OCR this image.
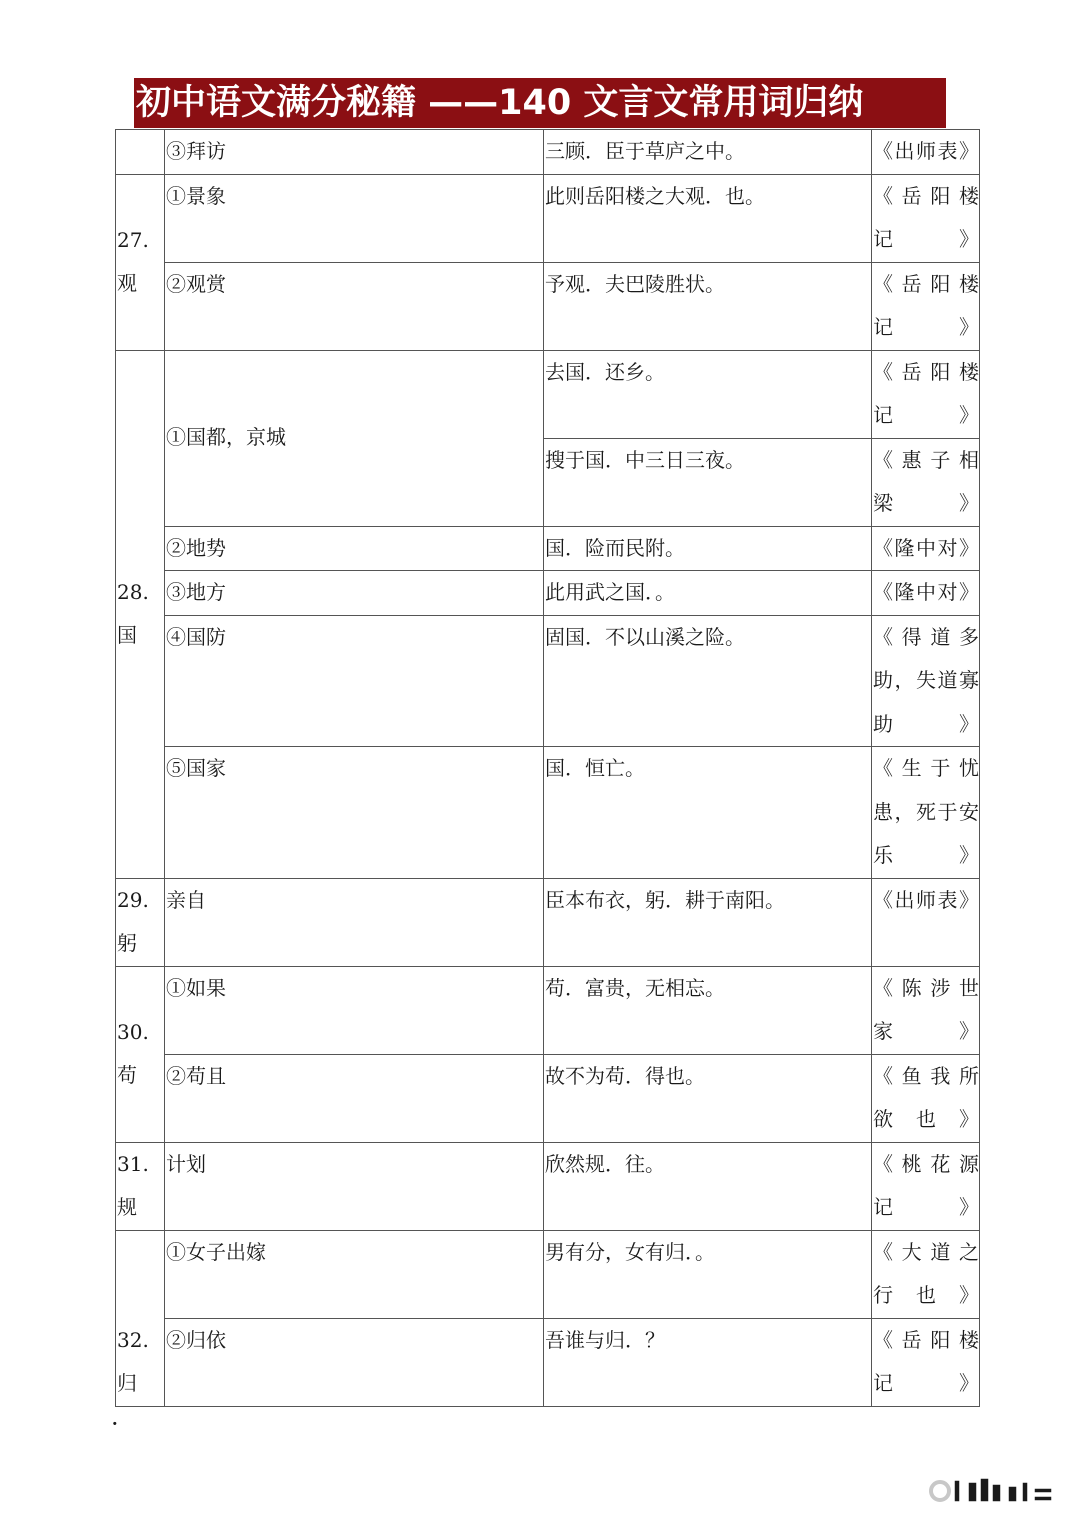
初中语文满分秘籍 ——140 文言文常用词归纳
	③拜访	三顾．臣于草庐之中。	《出师表》
27. 观	①景象	此则岳阳楼之大观．也。	《 岳 阳 楼 记》
	②观赏	予观．夫巴陵胜状。	《 岳 阳 楼 记》
28. 国	①国都，京城	去国．还乡。	《 岳 阳 楼 记》
		搜于国．中三日三夜。	《 惠 子 相 梁》
	②地势	国．险而民附。	《隆中对》
	③地方	此用武之国．。	《隆中对》
	④国防	固国．不以山溪之险。	《 得 道 多 助，失道寡 助》
	⑤国家	国．恒亡。	《 生 于 忧 患，死于安 乐》
29. 躬	亲自	臣本布衣，躬．耕于南阳。	《出师表》
30. 苟	①如果	苟．富贵，无相忘。	《 陈 涉 世 家》
	②苟且	故不为苟．得也。	《 鱼 我 所 欲也》
31. 规	计划	欣然规．往。	《 桃 花 源 记》
32. 归	①女子出嫁	男有分，女有归．。	《 大 道 之 行也》
	②归依	吾谁与归．？	《 岳 阳 楼 记》
·
